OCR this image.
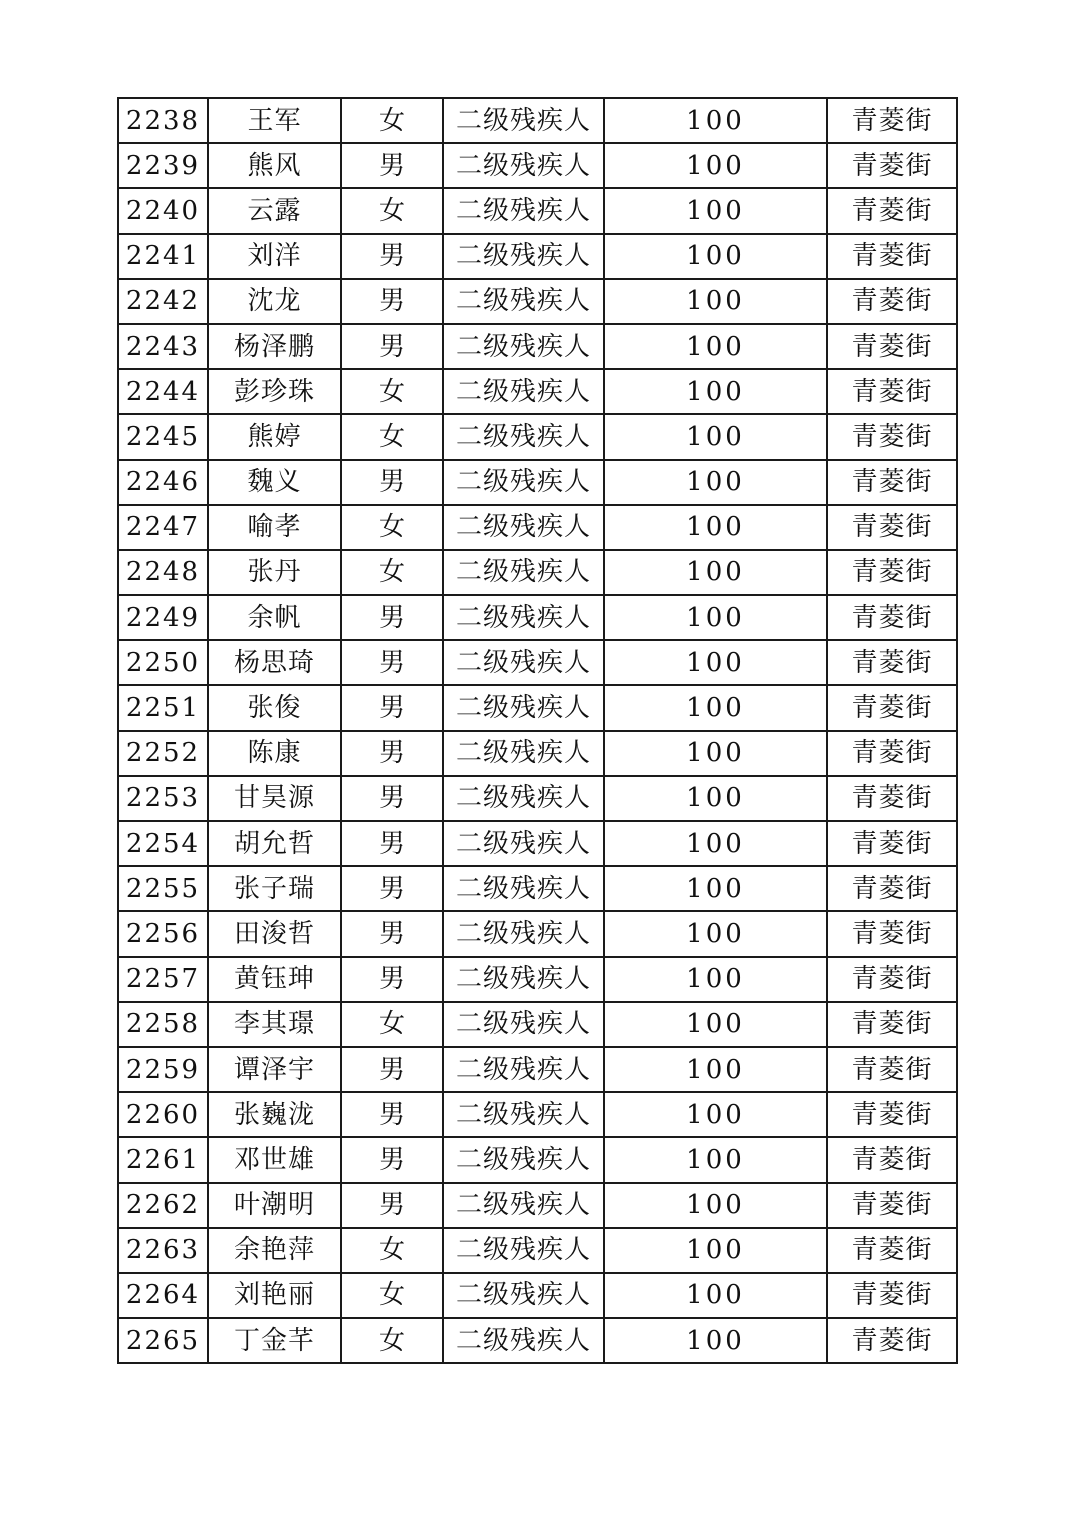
2238	王军	女	二级残疾人	100	青菱街
2239	熊风	男	二级残疾人	100	青菱街
2240	云露	女	二级残疾人	100	青菱街
2241	刘洋	男	二级残疾人	100	青菱街
2242	沈龙	男	二级残疾人	100	青菱街
2243	杨泽鹏	男	二级残疾人	100	青菱街
2244	彭珍珠	女	二级残疾人	100	青菱街
2245	熊婷	女	二级残疾人	100	青菱街
2246	魏义	男	二级残疾人	100	青菱街
2247	喻孝	女	二级残疾人	100	青菱街
2248	张丹	女	二级残疾人	100	青菱街
2249	余帆	男	二级残疾人	100	青菱街
2250	杨思琦	男	二级残疾人	100	青菱街
2251	张俊	男	二级残疾人	100	青菱街
2252	陈康	男	二级残疾人	100	青菱街
2253	甘昊源	男	二级残疾人	100	青菱街
2254	胡允哲	男	二级残疾人	100	青菱街
2255	张子瑞	男	二级残疾人	100	青菱街
2256	田浚哲	男	二级残疾人	100	青菱街
2257	黄钰珅	男	二级残疾人	100	青菱街
2258	李其璟	女	二级残疾人	100	青菱街
2259	谭泽宇	男	二级残疾人	100	青菱街
2260	张巍泷	男	二级残疾人	100	青菱街
2261	邓世雄	男	二级残疾人	100	青菱街
2262	叶潮明	男	二级残疾人	100	青菱街
2263	余艳萍	女	二级残疾人	100	青菱街
2264	刘艳丽	女	二级残疾人	100	青菱街
2265	丁金芊	女	二级残疾人	100	青菱街
